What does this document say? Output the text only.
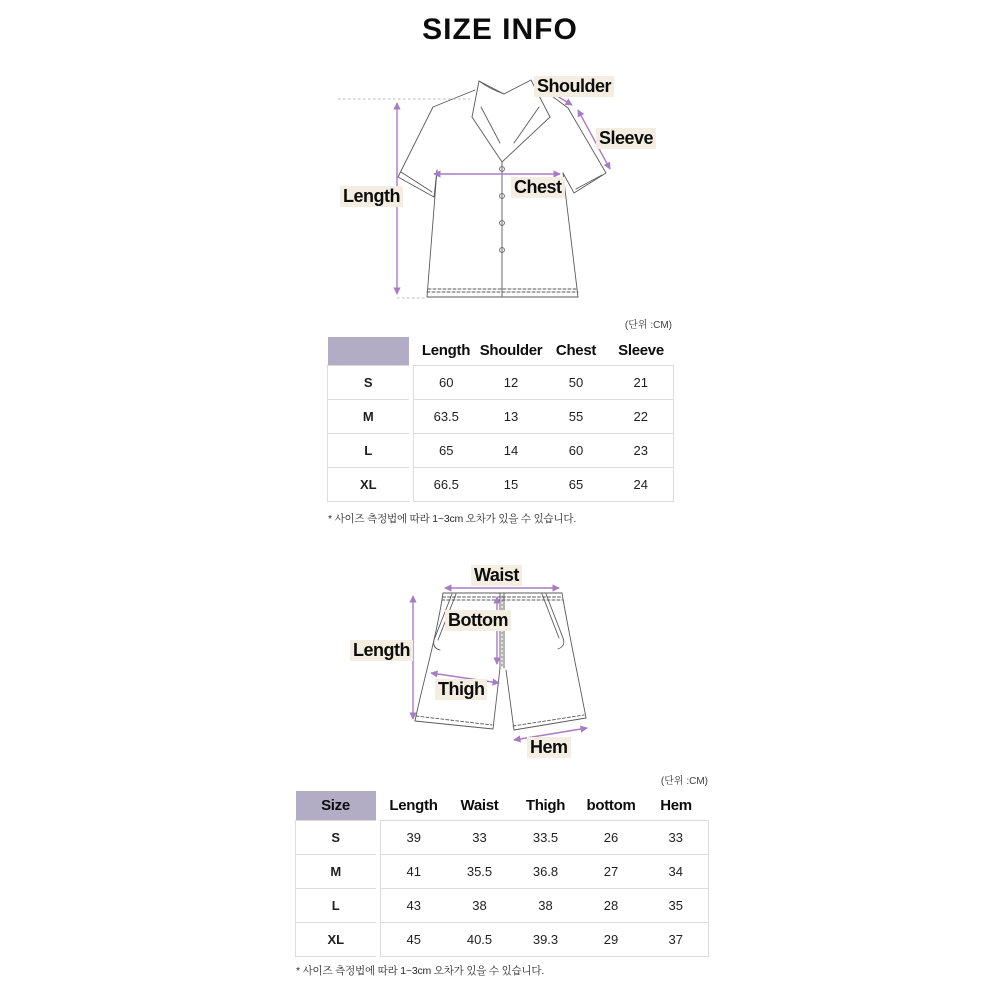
SIZE INFO
Shoulder
Sleeve
Chest
Length
(단위 :CM)
		Length	Shoulder	Chest	Sleeve
S		60	12	50	21
M		63.5	13	55	22
L		65	14	60	23
XL		66.5	15	65	24
* 사이즈 측정법에 따라 1~3cm 오차가 있을 수 있습니다.
Waist
Bottom
Length
Thigh
Hem
(단위 :CM)
Size		Length	Waist	Thigh	bottom	Hem
S		39	33	33.5	26	33
M		41	35.5	36.8	27	34
L		43	38	38	28	35
XL		45	40.5	39.3	29	37
* 사이즈 측정법에 따라 1~3cm 오차가 있을 수 있습니다.
